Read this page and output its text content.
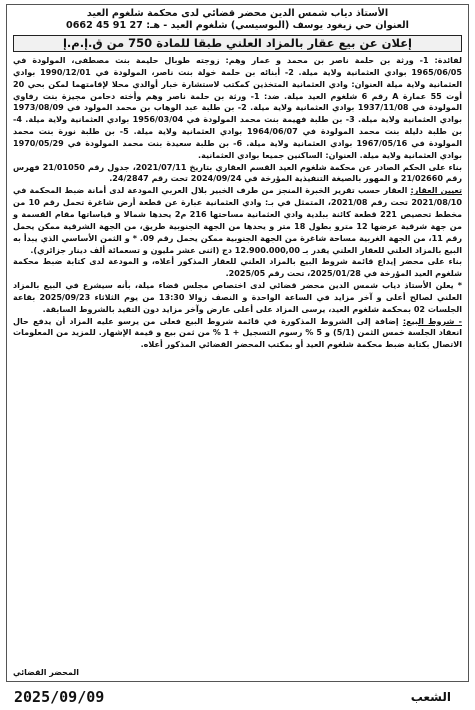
الأستاذ دياب شمس الدين محضر قضائي لدى محكمة شلغوم العيد
العنوان حي زيغود يوسف (البوسيسي) شلغوم العيد - هـ: 27 91 45 0662
إعلان عن بيع عقار بالمزاد العلني طبقا للمادة 750 من ق.إ.م.إ

لفائدة: 1- ورثة بن حلمة ناصر بن محمد و عمار وهم: زوجته طوبال حليمة بنت مصطفى، المولودة في 1965/06/05 بوادي العثمانية ولاية ميلة. 2- أبنائه بن حلمة خولة بنت ناصر، المولودة في 1990/12/01 بوادي العثمانية ولاية ميلة العنوان: وادي العثمانية المتخذين كمكتب لاستشارة خبار أوالدي محلا لإقامتهما لمكن بحي 20 أوت 55 عمارة A رقم 6 شلغوم العيد ميلة. ضد: 1- ورثة بن حلمة ناصر وهم وأخته دحامن مجيزة بنت رفاوي المولودة في 1937/11/08 بوادي العثمانية ولاية ميلة. 2- بن طلبة عبد الوهاب بن محمد المولود في 1973/08/09 بوادي العثمانية ولاية ميلة. 3- بن طلبة فهيمة بنت محمد المولودة في 1956/03/04 بوادي العثمانية ولاية ميلة. 4- بن طلبة دليلة بنت محمد المولودة في 1964/06/07 بوادي العثمانية ولاية ميلة. 5- بن طلبة نورة بنت محمد المولودة في 1967/05/16 بوادي العثمانية ولاية ميلة. 6- بن طلبة سعيدة بنت محمد المولودة في 1970/05/29 بوادي العثمانية ولاية ميلة. العنوان: الساكنين جميعا بوادي العثمانية.

بناء على الحكم الصادر عن محكمة شلغوم العيد القسم العقاري بتاريخ 2021/07/11، جدول رقم 21/01050 فهرس رقم 21/02660 و المهور بالصيغة التنفيذية المؤرخة في 2024/09/24 تحت رقم 24/2847.

تعيين العقار: العقار حسب تقرير الخبرة المنجز من طرف الخبير بلال العربي المودعة لدى أمانة ضبط المحكمة في 2021/08/10 تحت رقم 2021/08، المتمثل في بـ: وادي العثمانية عبارة عن قطعة أرض شاغرة تحمل رقم 10 من مخطط تحصيص 221 قطعة كائنة ببلدية وادي العثمانية مساحتها 216 م2 يحدها شمالا و قياساتها مقام القسمة و من جهة شرقية عرضها 12 مترو بطول 18 متر و يحدها من الجهة الجنوبية طريق، من الجهة الشرقية ممكن يحمل رقم 11، من الجهة الغربية مساحة شاغرة من الجهة الجنوبية ممكن يحمل رقم 09. * و الثمن الأساسي الذي يبدأ به البيع بالمزاد العلني للعقار العلني يقدر بـ 12.900.000,00 دج (اثنى عشر مليون و تسعمائة ألف دينار جزائري).

بناء على محضر إيداع قائمة شروط البيع بالمزاد العلني للعقار المذكور أعلاه، و المودعة لدى كتابة ضبط محكمة شلغوم العيد المؤرخة في 2025/01/28، تحت رقم 2025/05.

* يعلن الأستاذ دياب شمس الدين محضر قضائي لدى اختصاص مجلس قضاء ميلة، بأنه سيشرع في البيع بالمزاد العلني لصالح أعلى و آخر مزايد في الساعة الواحدة و النصف زوالا 13:30 من يوم الثلاثاء 2025/09/23 بقاعة الجلسات 02 بمحكمة شلغوم العيد، يرسى المزاد على أعلى عارض وآخر مزايد دون التقيد بالشروط السابقة.

- شروط البيع: إضافة إلى الشروط المذكورة في قائمة شروط البيع فعلى من يرسو عليه المزاد أن يدفع حال انعقاد الجلسة خمس الثمن (5/1) و 5 % رسوم التسجيل + 1 % من ثمن بيع و قيمة الإشهار. للمزيد من المعلومات الاتصال بكتابة ضبط محكمة شلغوم العيد أو بمكتب المحضر القضائي المذكور أعلاه.

المحضر القضائي
الشعب
2025/09/09
